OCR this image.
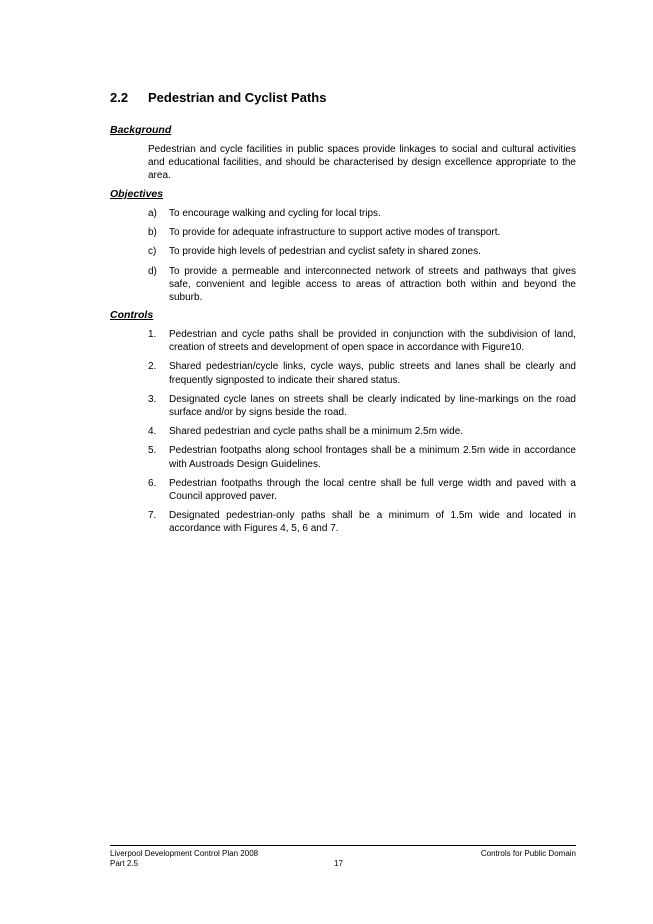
2.2	Pedestrian and Cyclist Paths
Background
Pedestrian and cycle facilities in public spaces provide linkages to social and cultural activities and educational facilities, and should be characterised by design excellence appropriate to the area.
Objectives
a)	To encourage walking and cycling for local trips.
b)	To provide for adequate infrastructure to support active modes of transport.
c)	To provide high levels of pedestrian and cyclist safety in shared zones.
d)	To provide a permeable and interconnected network of streets and pathways that gives safe, convenient and legible access to areas of attraction both within and beyond the suburb.
Controls
1.	Pedestrian and cycle paths shall be provided in conjunction with the subdivision of land, creation of streets and development of open space in accordance with Figure10.
2.	Shared pedestrian/cycle links, cycle ways, public streets and lanes shall be clearly and frequently signposted to indicate their shared status.
3.	Designated cycle lanes on streets shall be clearly indicated by line-markings on the road surface and/or by signs beside the road.
4.	Shared pedestrian and cycle paths shall be a minimum 2.5m wide.
5.	Pedestrian footpaths along school frontages shall be a minimum 2.5m wide in accordance with Austroads Design Guidelines.
6.	Pedestrian footpaths through the local centre shall be full verge width and paved with a Council approved paver.
7.	Designated pedestrian-only paths shall be a minimum of 1.5m wide and located in accordance with Figures 4, 5, 6 and 7.
Liverpool Development Control Plan 2008
Part 2.5	17
Controls for Public Domain
